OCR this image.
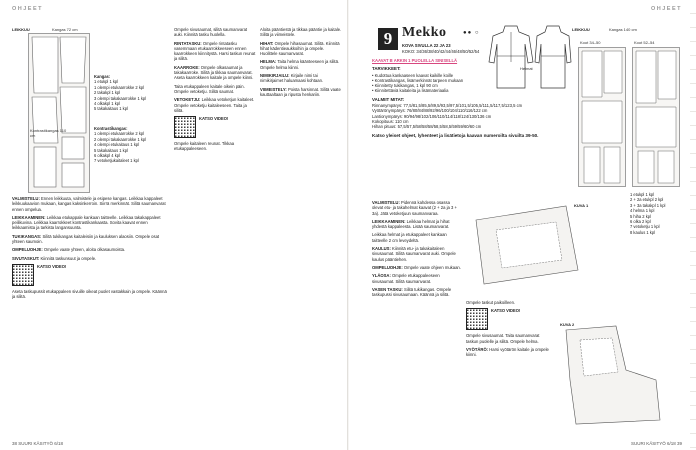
OHJEET
38 SUURI KÄSITYÖ 6/18
LEIKKUU	Kangas 72 cm
Kangas:
1 etukpl 1 kpl
1 olempi etukaarrokke 2 kpl
2 takakpl 1 kpl
3 olempi takakaarrokke 1 kpl
4 olkakpl 1 kpl
5 takakaitaus 1 kpl
Kontrastikangas:
1 olempi etukaarrokke 2 kpl
2 olempi takakaarrokke 1 kpl
4 olempi etukaitaus 1 kpl
5 takakaitaus 1 kpl
6 olkakpl 4 kpl
7 vetoketjukaitaleet 1 kpl
Kontrastikangas 110 cm

VALMISTELU: Ennen leikkuuta, valmistele ja esipese kangas. Leikkaa kappaleet leikkuukaavion mukaan, kangas kaksinkerroin. Siirrä merkinnät. Silitä saumanvarat ennen ompelua.

LEIKKAAMINEN: Leikkaa etukappale kankaan taitteelle. Leikkaa takakappaleet peilikuvina. Leikkaa kaarrokkeet kontrastikankaasta. Sovita kaavat ennen leikkaamista ja tarkista langansuunta.

TUKIKANGAS: Silitä tukikangas kaitaleisiin ja kauluksen alaosiin. Ompele osat yhteen saumoin.

OMPELUOHJE: Ompele vaate yhteen, aloita olkasaumoista.

SIVUTASKUT: Kiinnitä taskunsuut ja ompele.

KATSO VIDEO!

Aseta taskupussit etukappaleen sivuille oikeat puolet vastakkain ja ompele. Käännä ja silitä.

Ompele sivusaumat, silitä saumanvarat auki. Kiinnitä tasku huolella.

RINTATASKU: Ompele rintatasku vasemmaan etukaarrokkeeseen ennen kaarrokkeen kiinnitystä. Harsi taskun reunat ja silitä.

KAARROKE: Ompele olkasaumat ja takakaarroke. Silitä ja tikkaa saumanvarat. Aseta kaarrokkeen kaitale ja ompele kiinni.

Taita etukappaleen kaitale oikein päin. Ompele vetoketju. Silitä saumat.

VETOKETJU: Leikkaa vetoketjun kaitaleet. Ompele vetoketju kaitaleeseen. Taita ja silitä.

KATSO VIDEO!

Ompele kaitaleen reunat. Tikkaa etukappaleeseen.

Aloita pääntiestä ja tikkaa pääntie ja kaitale. Silitä ja viimeistele.

HIHAT: Ompele hihasaumat. Silitä. Kiinnitä hihat kädentieaukkoihin ja ompele. Huolittele saumanvarat.

HELMA: Taita helma käänteeseen ja silitä. Ompele helma kiinni.

NIMIKIRJAILU: Kirjaile nimi tai nimikirjaimet haluamaasi kohtaan.

VIIMEISTELY: Poista harsinnat. Silitä vaate kauttaaltaan ja ripusta henkariin.

OHJEET
SUURI KÄSITYÖ 6/18 39
9 Mekko	●● ○
KOVA SIVULLA 22 JA 23
KOKO: 34/36/38/40/42/44/46/48/50/52/54

KAAVAT B ARKIN 1 PUOLELLA SINISELLÄ

TARVIKKEET:
• Kudottua kankaaseen kaavat kaikille koille
• Kontrastikangas, lisämerkinnät tarpeen mukaan
• Kiinnitetty tukikangas, 1 kpl 90 cm

• Kiinnitettäviä kaitaleita ja lisämateriaalia

VALMIIT MITAT:
Rinnanympärys: 77,5/81,5/85,5/89,5/93,5/97,5/101,5/105,5/111,5/117,5/123,5 cm
Vyötärönympärys: 76/80/84/88/92/96/100/104/110/116/122 cm
Lantionympärys: 90/94/98/102/106/110/114/118/124/130/136 cm
Kokopituus: 110 cm

Hihan pituus: 57,5/57,5/58/58/58/58,5/58,5/59/59/60/60 cm

Katso yleiset ohjeet, lyhenteet ja lisätietoja kaavan numeroilta sivuilta 39-50.

VALMISTELU: Pidennä kahdessa osassa olevat etu- ja takahelmat kaavat (2 + 2a ja 3 + 3a). Jätä vetoketjuun saumanvaraa.

LEIKKAAMINEN: Leikkaa helmat ja hihat yhdestä kappaleesta. Lisää saumanvarat.

Leikkaa helmat ja etukappaleet kankaan taitteelle 2 cm leveydeltä.

KAULUS: Kiinnitä etu- ja takakaitaleen sivusaumat. Silitä saumanvarat auki. Ompele kaulus pääntiehen.

OMPELUOHJE: Ompele vaate ohjeen mukaan.

YLÄOSA: Ompele etukappaleeseen sivusaumat. Silitä saumanvarat.

VASEN TASKU: Silitä tukikangas. Ompele taskupussi sivusaumaan. Käännä ja silitä.

Ompele taskut paikoilleen.

KATSO VIDEO!

Ompele sivusaumat. Taita saumanvarat taskun puolelle ja silitä. Ompele helma.

VYÖTÄRÖ: Harsi vyötärön kaitale ja ompele kiinni.

KUVA 1
KUVA 2
LEIKKUU	Kangas 140 cm
Koot 34–50	Koot 52–54
1 etukpl 1 kpl
2 + 2a etukpl 2 kpl
3 + 3a takakpl 1 kpl
4 helma 1 kpl
5 hiha 2 kpl
6 olka 2 kpl
7 vetoketju 1 kpl
8 kaulus 1 kpl
Helmat
